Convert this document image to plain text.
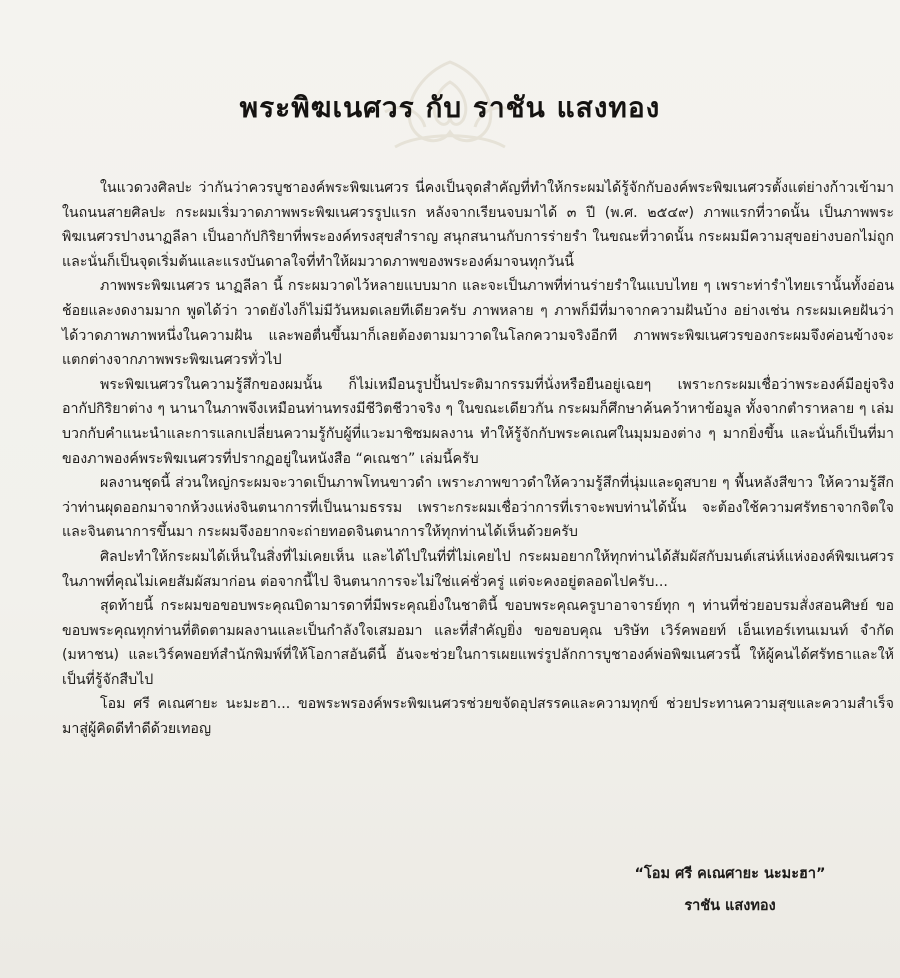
พระพิฆเนศวร กับ ราชัน แสงทอง

ในแวดวงศิลปะ ว่ากันว่าควรบูชาองค์พระพิฆเนศวร นี่คงเป็นจุดสำคัญที่ทำให้กระผมได้รู้จักกับองค์พระพิฆเนศวรตั้งแต่ย่างก้าวเข้ามาในถนนสายศิลปะ กระผมเริ่มวาดภาพพระพิฆเนศวรรูปแรก หลังจากเรียนจบมาได้ ๓ ปี (พ.ศ. ๒๕๔๙) ภาพแรกที่วาดนั้น เป็นภาพพระพิฆเนศวรปางนาฏลีลา เป็นอากัปกิริยาที่พระองค์ทรงสุขสำราญ สนุกสนานกับการร่ายรำ ในขณะที่วาดนั้น กระผมมีความสุขอย่างบอกไม่ถูก และนั่นก็เป็นจุดเริ่มต้นและแรงบันดาลใจที่ทำให้ผมวาดภาพของพระองค์มาจนทุกวันนี้

ภาพพระพิฆเนศวร นาฏลีลา นี้ กระผมวาดไว้หลายแบบมาก และจะเป็นภาพที่ท่านร่ายรำในแบบไทย ๆ เพราะท่ารำไทยเรานั้นทั้งอ่อนช้อยและงดงามมาก พูดได้ว่า วาดยังไงก็ไม่มีวันหมดเลยทีเดียวครับ ภาพหลาย ๆ ภาพก็มีที่มาจากความฝันบ้าง อย่างเช่น กระผมเคยฝันว่าได้วาดภาพภาพหนึ่งในความฝัน และพอตื่นขึ้นมาก็เลยต้องตามมาวาดในโลกความจริงอีกที ภาพพระพิฆเนศวรของกระผมจึงค่อนข้างจะแตกต่างจากภาพพระพิฆเนศวรทั่วไป

พระพิฆเนศวรในความรู้สึกของผมนั้น ก็ไม่เหมือนรูปปั้นประติมากรรมที่นั่งหรือยืนอยู่เฉยๆ เพราะกระผมเชื่อว่าพระองค์มีอยู่จริงอากัปกิริยาต่าง ๆ นานาในภาพจึงเหมือนท่านทรงมีชีวิตชีวาจริง ๆ ในขณะเดียวกัน กระผมก็ศึกษาค้นคว้าหาข้อมูล ทั้งจากตำราหลาย ๆ เล่มบวกกับคำแนะนำและการแลกเปลี่ยนความรู้กับผู้ที่แวะมาชิซมผลงาน ทำให้รู้จักกับพระคเณศในมุมมองต่าง ๆ มากยิ่งขึ้น และนั่นก็เป็นที่มาของภาพองค์พระพิฆเนศวรที่ปรากฏอยู่ในหนังสือ “คเณชา” เล่มนี้ครับ

ผลงานชุดนี้ ส่วนใหญ่กระผมจะวาดเป็นภาพโทนขาวดำ เพราะภาพขาวดำให้ความรู้สึกที่นุ่มและดูสบาย ๆ พื้นหลังสีขาว ให้ความรู้สึกว่าท่านผุดออกมาจากห้วงแห่งจินตนาการที่เป็นนามธรรม เพราะกระผมเชื่อว่าการที่เราจะพบท่านได้นั้น จะต้องใช้ความศรัทธาจากจิตใจและจินตนาการขึ้นมา กระผมจึงอยากจะถ่ายทอดจินตนาการให้ทุกท่านได้เห็นด้วยครับ

ศิลปะทำให้กระผมได้เห็นในสิ่งที่ไม่เคยเห็น และได้ไปในที่ที่ไม่เคยไป กระผมอยากให้ทุกท่านได้สัมผัสกับมนต์เสน่ห์แห่งองค์พิฆเนศวรในภาพที่คุณไม่เคยสัมผัสมาก่อน ต่อจากนี้ไป จินตนาการจะไม่ใช่แค่ชั่วครู่ แต่จะคงอยู่ตลอดไปครับ...

สุดท้ายนี้ กระผมขอขอบพระคุณบิดามารดาที่มีพระคุณยิ่งในชาตินี้ ขอบพระคุณครูบาอาจารย์ทุก ๆ ท่านที่ช่วยอบรมสั่งสอนศิษย์ ขอขอบพระคุณทุกท่านที่ติดตามผลงานและเป็นกำลังใจเสมอมา และที่สำคัญยิ่ง ขอขอบคุณ บริษัท เวิร์คพอยท์ เอ็นเทอร์เทนเมนท์ จำกัด (มหาชน) และเวิร์คพอยท์สำนักพิมพ์ที่ให้โอกาสอันดีนี้ อันจะช่วยในการเผยแพร่รูปลักการบูชาองค์พ่อพิฆเนศวรนี้ ให้ผู้คนได้ศรัทธาและให้เป็นที่รู้จักสืบไป

โอม ศรี คเณศายะ นะมะฮา... ขอพระพรองค์พระพิฆเนศวรช่วยขจัดอุปสรรคและความทุกข์ ช่วยประทานความสุขและความสำเร็จมาสู่ผู้คิดดีทำดีด้วยเทอญ

“โอม ศรี คเณศายะ นะมะฮา”
ราชัน แสงทอง
